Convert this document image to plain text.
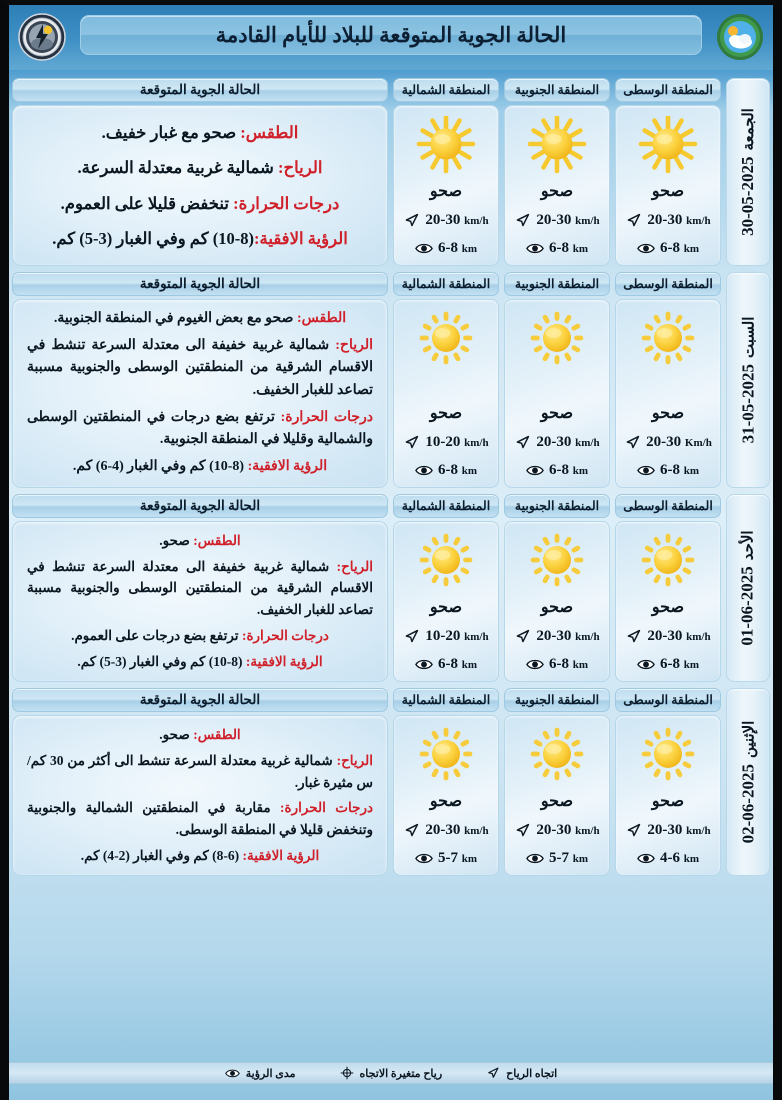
الحالة الجوية المتوقعة للبلاد للأيام القادمة
الجمعة2025-05-30
المنطقة الوسطى
صحو
20-30 km/h
6-8 km
المنطقة الجنوبية
صحو
20-30 km/h
6-8 km
المنطقة الشمالية
صحو
20-30 km/h
6-8 km
الحالة الجوية المتوقعة
الطقس: صحو مع غبار خفيف.
الرياح: شمالية غربية معتدلة السرعة.
درجات الحرارة: تنخفض قليلا على العموم.
الرؤية الافقية:(8-10) كم وفي الغبار (3-5) كم.
السبت2025-05-31
المنطقة الوسطى
صحو
20-30 Km/h
6-8 km
المنطقة الجنوبية
صحو
20-30 km/h
6-8 km
المنطقة الشمالية
صحو
10-20 km/h
6-8 km
الحالة الجوية المتوقعة
الطقس: صحو مع بعض الغيوم في المنطقة الجنوبية.
الرياح: شمالية غربية خفيفة الى معتدلة السرعة تنشط في الاقسام الشرقية من المنطقتين الوسطى والجنوبية مسببة تصاعد للغبار الخفيف.
درجات الحرارة: ترتفع بضع درجات في المنطقتين الوسطى والشمالية وقليلا في المنطقة الجنوبية.
الرؤية الافقية: (8-10) كم وفي الغبار (4-6) كم.
الأحد2025-06-01
المنطقة الوسطى
صحو
20-30 km/h
6-8 km
المنطقة الجنوبية
صحو
20-30 km/h
6-8 km
المنطقة الشمالية
صحو
10-20 km/h
6-8 km
الحالة الجوية المتوقعة
الطقس: صحو.
الرياح: شمالية غربية خفيفة الى معتدلة السرعة تنشط في الاقسام الشرقية من المنطقتين الوسطى والجنوبية مسببة تصاعد للغبار الخفيف.
درجات الحرارة: ترتفع بضع درجات على العموم.
الرؤية الافقية: (8-10) كم وفي الغبار (3-5) كم.
الإثنين2025-06-02
المنطقة الوسطى
صحو
20-30 km/h
4-6 km
المنطقة الجنوبية
صحو
20-30 km/h
5-7 km
المنطقة الشمالية
صحو
20-30 km/h
5-7 km
الحالة الجوية المتوقعة
الطقس: صحو.
الرياح: شمالية غربية معتدلة السرعة تنشط الى أكثر من 30 كم/س مثيرة غبار.
درجات الحرارة: مقاربة في المنطقتين الشمالية والجنوبية وتنخفض قليلا في المنطقة الوسطى.
الرؤية الافقية: (6-8) كم وفي الغبار (2-4) كم.
اتجاه الرياح
رياح متغيرة الاتجاه
مدى الرؤية
